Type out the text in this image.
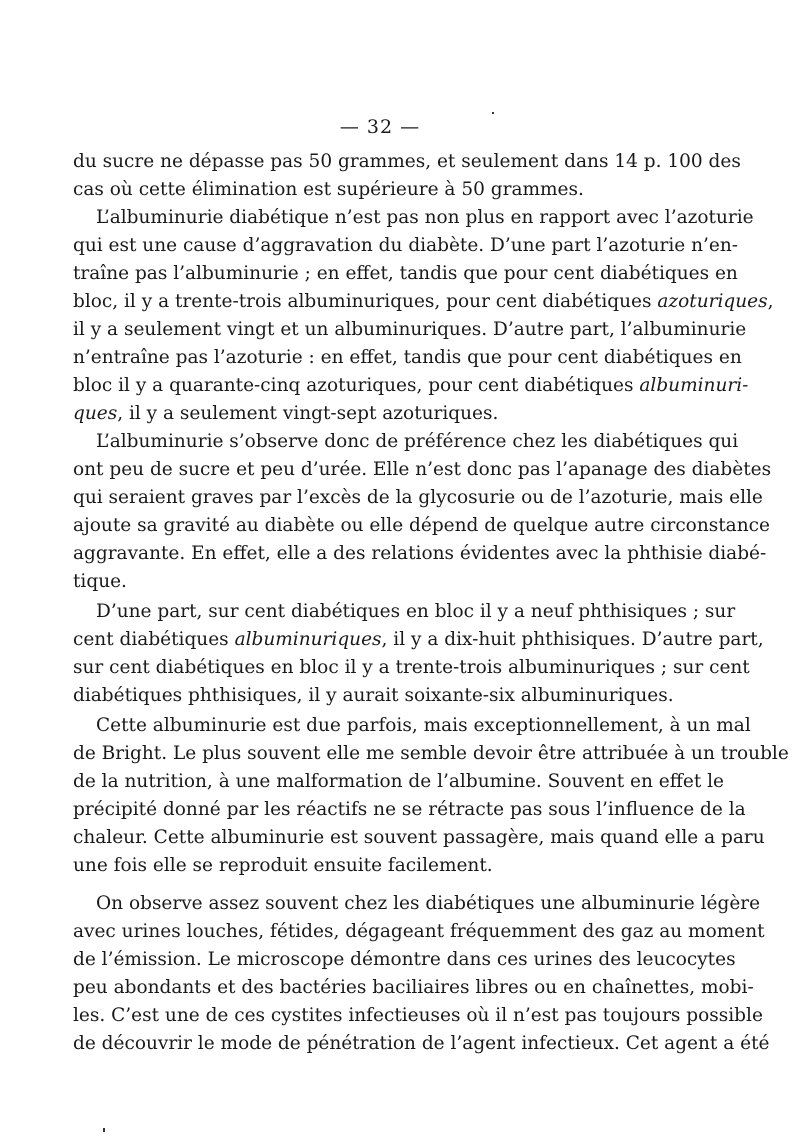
— 32 —
du sucre ne dépasse pas 50 grammes, et seulement dans 14 p. 100 des
cas où cette élimination est supérieure à 50 grammes.
L’albuminurie diabétique n’est pas non plus en rapport avec l’azoturie
qui est une cause d’aggravation du diabète. D’une part l’azoturie n’en-
traîne pas l’albuminurie ; en effet, tandis que pour cent diabétiques en
bloc, il y a trente-trois albuminuriques, pour cent diabétiques azoturiques,
il y a seulement vingt et un albuminuriques. D’autre part, l’albuminurie
n’entraîne pas l’azoturie : en effet, tandis que pour cent diabétiques en
bloc il y a quarante-cinq azoturiques, pour cent diabétiques albuminuri-
ques, il y a seulement vingt-sept azoturiques.
L’albuminurie s’observe donc de préférence chez les diabétiques qui
ont peu de sucre et peu d’urée. Elle n’est donc pas l’apanage des diabètes
qui seraient graves par l’excès de la glycosurie ou de l’azoturie, mais elle
ajoute sa gravité au diabète ou elle dépend de quelque autre circonstance
aggravante. En effet, elle a des relations évidentes avec la phthisie diabé-
tique.
D’une part, sur cent diabétiques en bloc il y a neuf phthisiques ; sur
cent diabétiques albuminuriques, il y a dix-huit phthisiques. D’autre part,
sur cent diabétiques en bloc il y a trente-trois albuminuriques ; sur cent
diabétiques phthisiques, il y aurait soixante-six albuminuriques.
Cette albuminurie est due parfois, mais exceptionnellement, à un mal
de Bright. Le plus souvent elle me semble devoir être attribuée à un trouble
de la nutrition, à une malformation de l’albumine. Souvent en effet le
précipité donné par les réactifs ne se rétracte pas sous l’influence de la
chaleur. Cette albuminurie est souvent passagère, mais quand elle a paru
une fois elle se reproduit ensuite facilement.
On observe assez souvent chez les diabétiques une albuminurie légère
avec urines louches, fétides, dégageant fréquemment des gaz au moment
de l’émission. Le microscope démontre dans ces urines des leucocytes
peu abondants et des bactéries baciliaires libres ou en chaînettes, mobi-
les. C’est une de ces cystites infectieuses où il n’est pas toujours possible
de découvrir le mode de pénétration de l’agent infectieux. Cet agent a été
